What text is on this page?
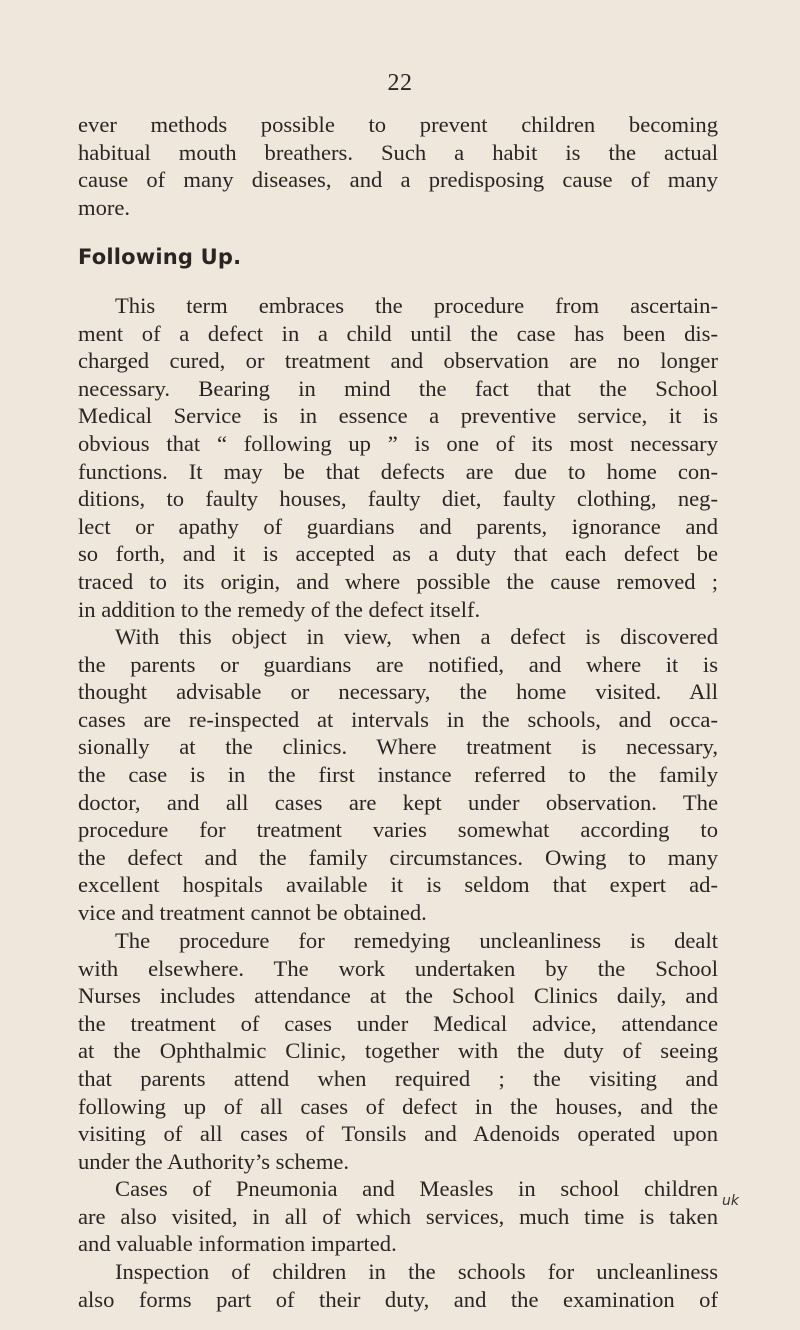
22

ever methods possible to prevent children becoming
habitual mouth breathers. Such a habit is the actual
cause of many diseases, and a predisposing cause of many
more.

Following Up.

This term embraces the procedure from ascertain-
ment of a defect in a child until the case has been dis-
charged cured, or treatment and observation are no longer
necessary. Bearing in mind the fact that the School
Medical Service is in essence a preventive service, it is
obvious that “ following up ” is one of its most necessary
functions. It may be that defects are due to home con-
ditions, to faulty houses, faulty diet, faulty clothing, neg-
lect or apathy of guardians and parents, ignorance and
so forth, and it is accepted as a duty that each defect be
traced to its origin, and where possible the cause removed ;
in addition to the remedy of the defect itself.

With this object in view, when a defect is discovered
the parents or guardians are notified, and where it is
thought advisable or necessary, the home visited. All
cases are re-inspected at intervals in the schools, and occa-
sionally at the clinics. Where treatment is necessary,
the case is in the first instance referred to the family
doctor, and all cases are kept under observation. The
procedure for treatment varies somewhat according to
the defect and the family circumstances. Owing to many
excellent hospitals available it is seldom that expert ad-
vice and treatment cannot be obtained.

The procedure for remedying uncleanliness is dealt
with elsewhere. The work undertaken by the School
Nurses includes attendance at the School Clinics daily, and
the treatment of cases under Medical advice, attendance
at the Ophthalmic Clinic, together with the duty of seeing
that parents attend when required ; the visiting and
following up of all cases of defect in the houses, and the
visiting of all cases of Tonsils and Adenoids operated upon
under the Authority’s scheme.

Cases of Pneumonia and Measles in school children
are also visited, in all of which services, much time is taken
and valuable information imparted.

Inspection of children in the schools for uncleanliness
also forms part of their duty, and the examination of

uk
